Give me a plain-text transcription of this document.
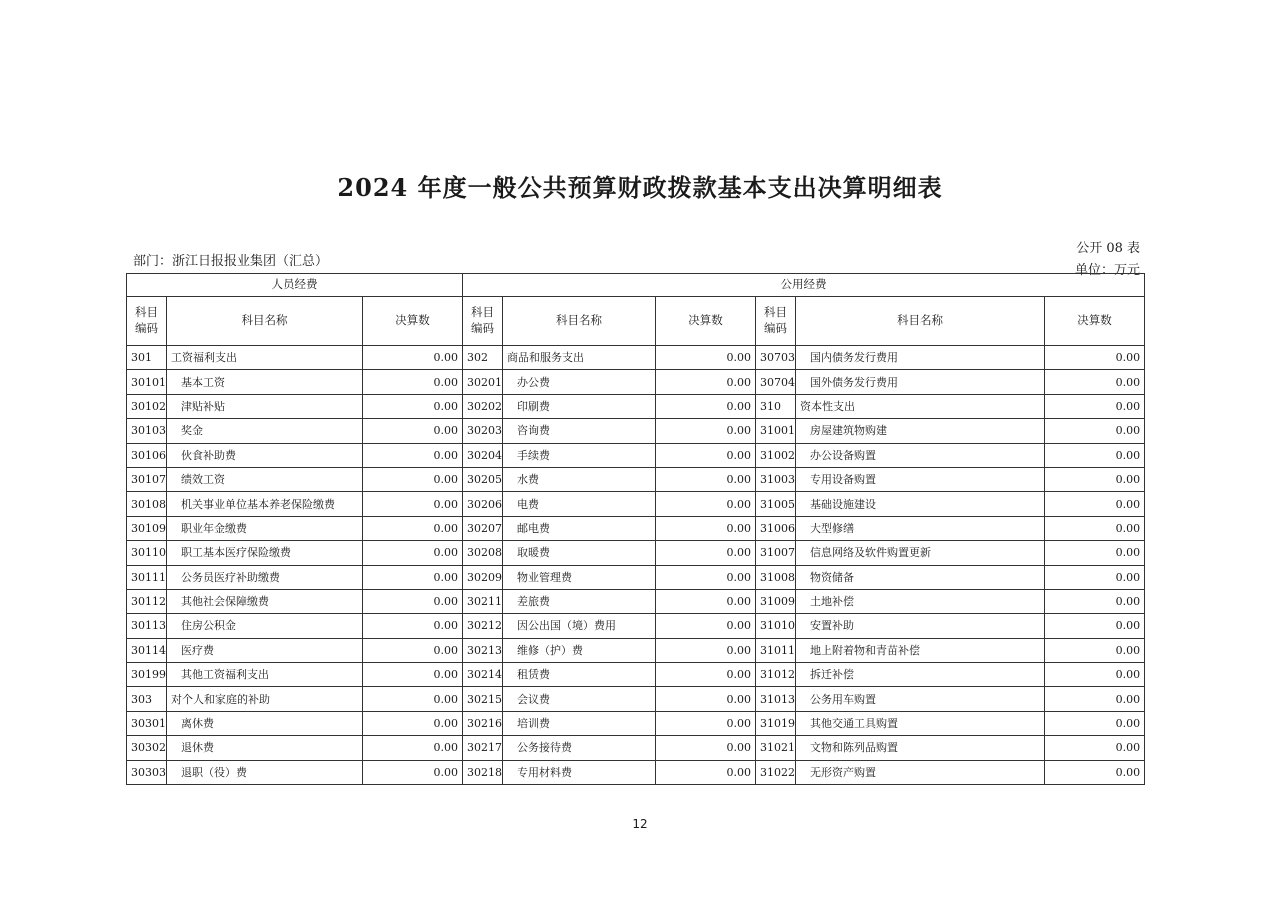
2024 年度一般公共预算财政拨款基本支出决算明细表
公开 08 表
部门：浙江日报报业集团（汇总）
单位：万元
人员经费			公用经费					
科目编码	科目名称	决算数	科目编码	科目名称	决算数	科目编码	科目名称	决算数
301	工资福利支出	0.00	302	商品和服务支出	0.00	30703	国内债务发行费用	0.00
30101	基本工资	0.00	30201	办公费	0.00	30704	国外债务发行费用	0.00
30102	津贴补贴	0.00	30202	印刷费	0.00	310	资本性支出	0.00
30103	奖金	0.00	30203	咨询费	0.00	31001	房屋建筑物购建	0.00
30106	伙食补助费	0.00	30204	手续费	0.00	31002	办公设备购置	0.00
30107	绩效工资	0.00	30205	水费	0.00	31003	专用设备购置	0.00
30108	机关事业单位基本养老保险缴费	0.00	30206	电费	0.00	31005	基础设施建设	0.00
30109	职业年金缴费	0.00	30207	邮电费	0.00	31006	大型修缮	0.00
30110	职工基本医疗保险缴费	0.00	30208	取暖费	0.00	31007	信息网络及软件购置更新	0.00
30111	公务员医疗补助缴费	0.00	30209	物业管理费	0.00	31008	物资储备	0.00
30112	其他社会保障缴费	0.00	30211	差旅费	0.00	31009	土地补偿	0.00
30113	住房公积金	0.00	30212	因公出国（境）费用	0.00	31010	安置补助	0.00
30114	医疗费	0.00	30213	维修（护）费	0.00	31011	地上附着物和青苗补偿	0.00
30199	其他工资福利支出	0.00	30214	租赁费	0.00	31012	拆迁补偿	0.00
303	对个人和家庭的补助	0.00	30215	会议费	0.00	31013	公务用车购置	0.00
30301	离休费	0.00	30216	培训费	0.00	31019	其他交通工具购置	0.00
30302	退休费	0.00	30217	公务接待费	0.00	31021	文物和陈列品购置	0.00
30303	退职（役）费	0.00	30218	专用材料费	0.00	31022	无形资产购置	0.00
12
